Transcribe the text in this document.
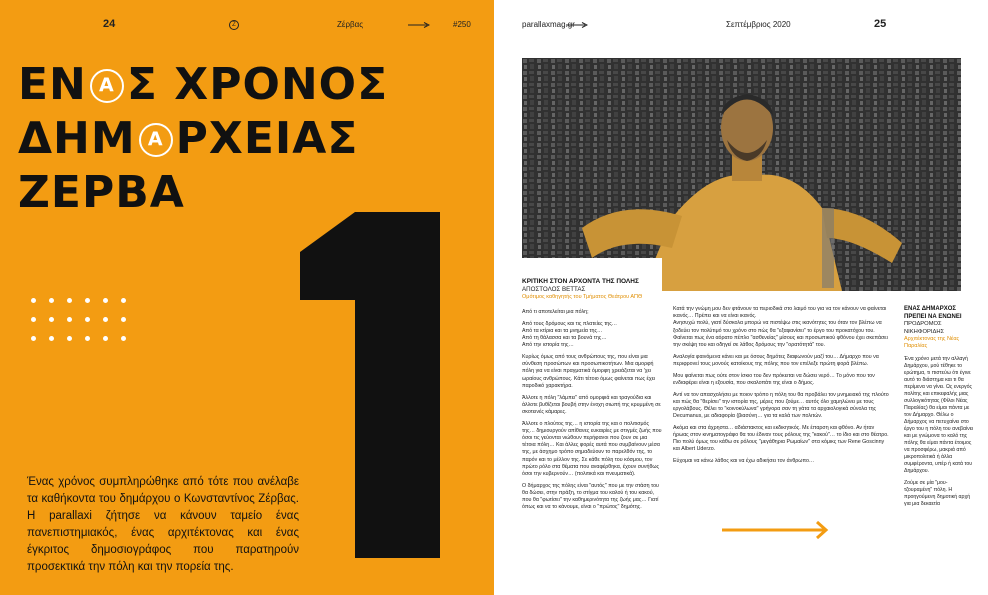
24	Z	Ζέρβας	#250
ΕΝ Α Σ ΧΡΟΝΟΣ
ΔΗΜ Α ΡΧΕΙΑΣ
ΖΕΡΒΑ
Ένας χρόνος συμπληρώθηκε από τότε που ανέλαβε τα καθήκοντα του δημάρχου ο Κωνσταντίνος Ζέρβας. Η parallaxi ζήτησε να κάνουν ταμείο ένας πανεπιστημιακός, ένας αρχιτέκτονας και ένας έγκριτος δημοσιογράφος που παρατηρούν προσεκτικά την πόλη και την πορεία της.
parallaxmag.gr	Σεπτέμβριος 2020	25
ΚΡΙΤΙΚΗ ΣΤΟΝ ΑΡΧΟΝΤΑ ΤΗΣ ΠΟΛΗΣ
ΑΠΟΣΤΟΛΟΣ ΒΕΤΤΑΣ
Ομότιμος καθηγητής του Τμήματος Θεάτρου ΑΠΘ

Από τι αποτελείται μια πόλη;

Από τους δρόμους και τις πλατείες της…
Από τα κτίρια και τα μνημεία της…
Από τη θάλασσα και τα βουνά της…
Από την ιστορία της…

Κυρίως όμως από τους ανθρώπους της, που είναι μια σύνθεση προσώπων και προσωπικοτήτων. Μια αμορφή πόλη για να είναι πραγματικά όμορφη χρειάζεται να 'χει ωραίους ανθρώπους. Κάτι τέτοιο όμως φαίνεται πως έχει παροδικό χαρακτήρα.

Άλλοτε η πόλη "λάμπει" από ομορφιά και τραγούδια και άλλοτε βυθίζεται βουβή στην ένοχη σιωπή της κρυμμένη σε σκοτεινές κάμαρες.

Άλλοτε ο πλούτος της… η ιστορία της και ο πολιτισμός της… δημιουργούν απίθανες ευκαιρίες με στιγμές ζωής που όσοι τις γεύονται νιώθουν περήφανοι που ζουν σε μια τέτοια πόλη… Και άλλες φορές αυτά που συμβαίνουν μέσα της, με άσχημο τρόπο σημαδεύουν το παρελθόν της, το παρόν και το μέλλον της. Σε κάθε πόλη του κόσμου, τον πρώτο ρόλο στα θέματα που αναφέρθηκα, έχουν συνήθως όσοι την κυβερνούν… (πολιτικά και πνευματικά).

Ο δήμαρχος της πόλης είναι "αυτός" που με την στάση του θα δώσει, στην πράξη, το στίγμα του καλού ή του κακού, που θα "φωτίσει" την καθημερινότητα της ζωής μας… Γιατί όπως και να το κάνουμε, είναι ο "πρώτος" δημότης.

Κατά την γνώμη μου δεν φτάνουν τα περιοδικά στο λαιμό του για να τον κάνουν να φαίνεται ικανός… Πρέπει και να είναι ικανός.
Ανησυχώ πολύ, γιατί δύσκολα μπορώ να πιστέψω στις ικανότητες του όταν τον βλέπω να ξοδεύει τον πολύτιμό του χρόνο στο πώς θα "εξαφανίσει" το έργο του προκατόχου του. Φαίνεται πως ένα αόρατο πέπλο "ασθενείας" μίσους και προσωπικού φθόνου έχει σκεπάσει την σκέψη του και οδηγεί σε λάθος δρόμους την "ορατότητά" του.

Αναλογία φαινόμενα κάνει και με όσους δημότες διαφωνούν μαζί του… Δήμαρχο που να περιφρονεί τους μονούς κατοίκους της πόλης που τον επέλεξε πρώτη φορά βλέπω.

Μου φαίνεται πως ούτε στον ίσκιο του δεν πρόκειται να δώσει νερό… Το μόνο που τον ενδιαφέρει είναι η εξουσία, που σκαλοπάτι της είναι ο δήμος.

Αντί να τον απασχολήσει με ποιον τρόπο η πόλη του θα προβάλει τον μνημειακό της πλούτο και πώς θα "θερίσει" την ιστορία της, μέρες που ζούμε… αυτός όλο χαμηλώνει με τους εργολάβους. Θέλει το "κοινοκύλωνα" γρήγορα σαν τη γάτα τα αρχαιολογικά σύνολα της Decumanus, με αδιαφορία (βιασύνη… για τα καλά των πολιτών.

Ακόμα και στα άχρηστα… αδιάστακτος και εκδικητικός. Με έπαρση και φθόνο. Αν ήταν ήρωας στον κινηματογράφο θα του έδιναν τους ρόλους της "κακού"… το ίδιο και στο θέατρο. Πιο πολύ όμως του κάθω σε ρόλους "μεγάθηρια Ρωμαίων" στα κόμικς των Rene Goscinny και Albert Uderzo.

Εύχομαι να κάνω λάθος και να έχω αδικήσει τον άνθρωπο…

ΕΝΑΣ ΔΗΜΑΡΧΟΣ ΠΡΕΠΕΙ ΝΑ ΕΝΩΝΕΙ
ΠΡΟΔΡΟΜΟΣ ΝΙΚΗΦΟΡΙΔΗΣ
Αρχιτέκτονας της Νέας Παραλίας

Ένα χρόνο μετά την αλλαγή Δημάρχου, μού τέθηκε το ερώτημα, τι πιστεύω ότι έγινε αυτό το διάστημα και τι θα περίμενα να γίνει. Ως ενεργός πολίτης και επικεφαλής μιας συλλογικότητας (Φίλοι Νέας Παραλίας) θα είμαι πάντα με τον Δήμαρχο. Θέλω ο Δήμαρχος να πετυχαίνει στο έργο του η πόλη του ανεβαίνει και με γνώμονα το καλό της πόλης θα είμαι πάντα έτοιμος να προσφέρω, μακριά από μικροπολιτικά ή άλλα συμφέροντα, υπέρ ή κατά του Δημάρχου.

Ζούμε σε μία "μου-τζουραμένη" πόλη. Η προηγούμενη δημοτική αρχή για μια δεκαετία
